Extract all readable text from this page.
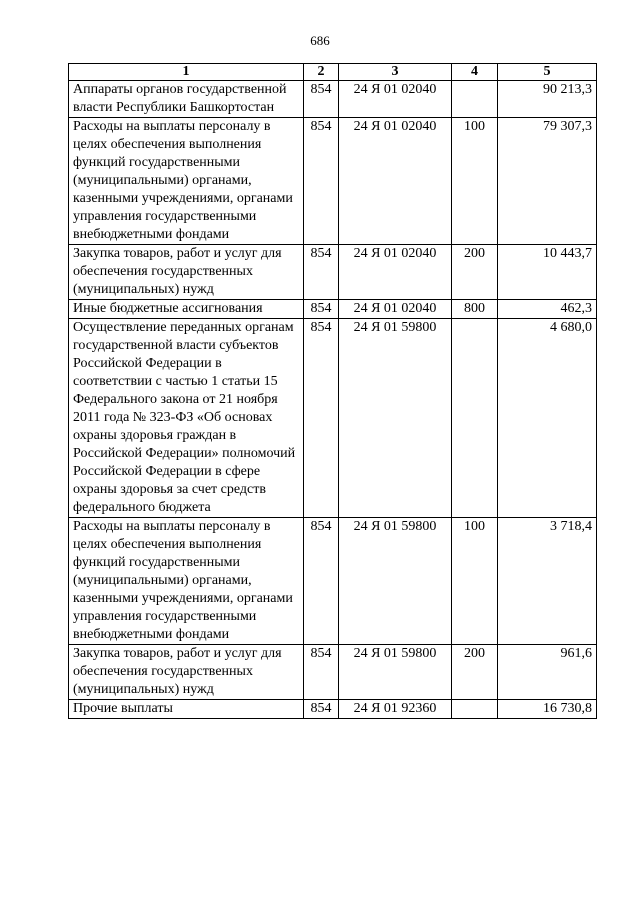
686
1	2	3	4	5
Аппараты органов государственной власти Республики Башкортостан	854	24 Я 01 02040		90 213,3
Расходы на выплаты персоналу в целях обеспечения выполнения функций государственными (муниципальными) органами, казенными учреждениями, органами управления государственными внебюджетными фондами	854	24 Я 01 02040	100	79 307,3
Закупка товаров, работ и услуг для обеспечения государственных (муниципальных) нужд	854	24 Я 01 02040	200	10 443,7
Иные бюджетные ассигнования	854	24 Я 01 02040	800	462,3
Осуществление переданных органам государственной власти субъектов Российской Федерации в соответствии с частью 1 статьи 15 Федерального закона от 21 ноября 2011 года № 323-ФЗ «Об основах охраны здоровья граждан в Российской Федерации» полномочий Российской Федерации в сфере охраны здоровья за счет средств федерального бюджета	854	24 Я 01 59800		4 680,0
Расходы на выплаты персоналу в целях обеспечения выполнения функций государственными (муниципальными) органами, казенными учреждениями, органами управления государственными внебюджетными фондами	854	24 Я 01 59800	100	3 718,4
Закупка товаров, работ и услуг для обеспечения государственных (муниципальных) нужд	854	24 Я 01 59800	200	961,6
Прочие выплаты	854	24 Я 01 92360		16 730,8
